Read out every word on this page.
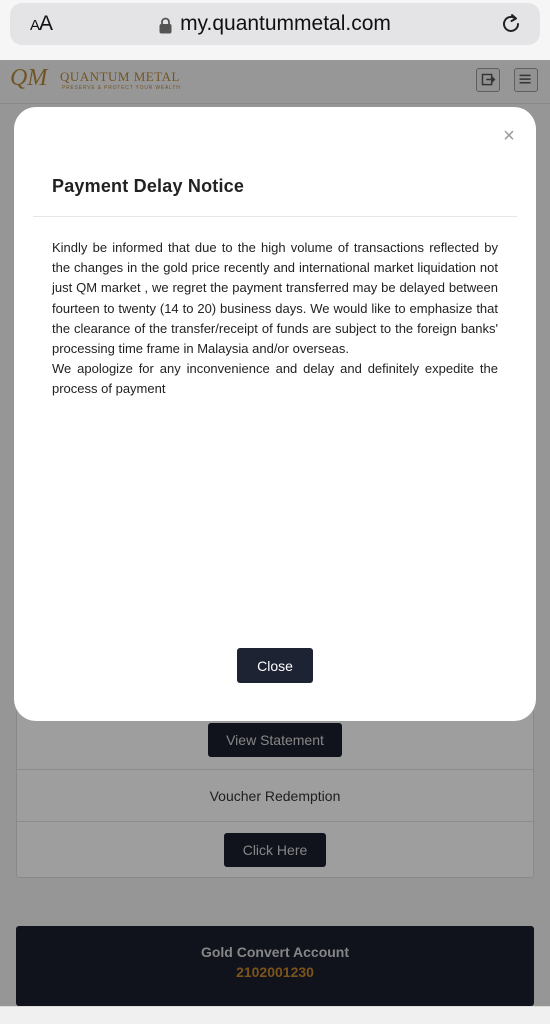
AA	my.quantummetal.com
QM QUANTUM METAL
PRESERVE & PROTECT YOUR WEALTH
View Statement
Voucher Redemption
Click Here
Gold Convert Account
2102001230
×
Payment Delay Notice

Kindly be informed that due to the high volume of transactions reflected by the changes in the gold price recently and international market liquidation not just QM market , we regret the payment transferred may be delayed between fourteen to twenty (14 to 20) business days. We would like to emphasize that the clearance of the transfer/receipt of funds are subject to the foreign banks' processing time frame in Malaysia and/or overseas.

We apologize for any inconvenience and delay and definitely expedite the process of payment

Close
